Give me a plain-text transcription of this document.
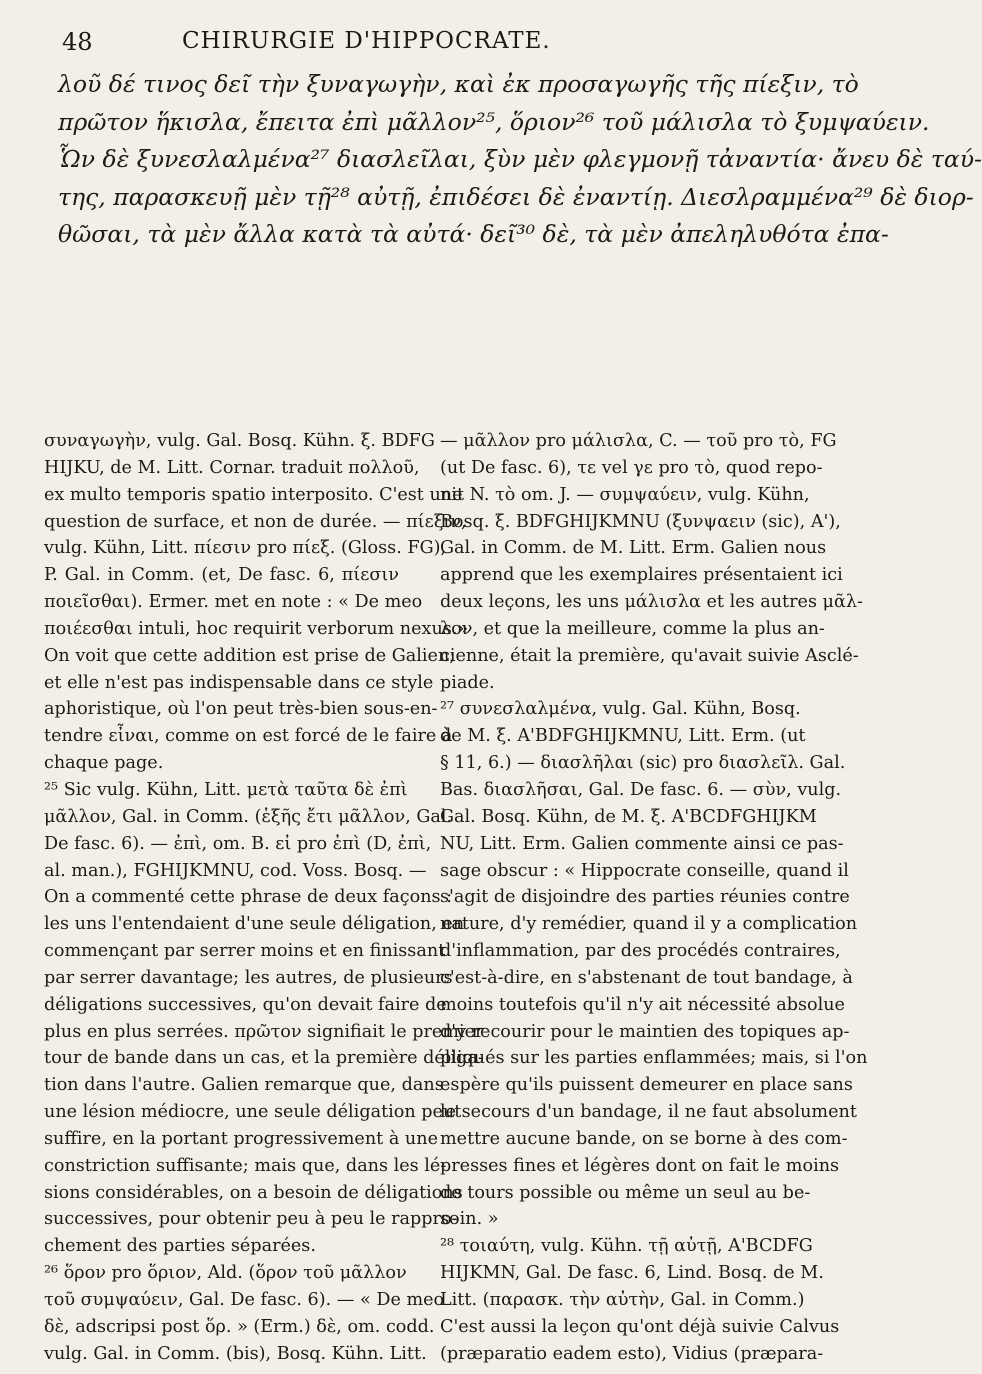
48	CHIRURGIE D'HIPPOCRATE.
λοῦ δέ τινος δεῖ τὴν ξυναγωγὴν, καὶ ἐκ προσαγωγῆς τῆς πίεξιν, τὸ
πρῶτον ἥκισλα, ἔπειτα ἐπὶ μᾶλλον²⁵, ὅριον²⁶ τοῦ μάλισλα τὸ ξυμψαύειν.
Ὧν δὲ ξυνεσλαλμένα²⁷ διασλεῖλαι, ξὺν μὲν φλεγμονῇ τἀναντία· ἄνευ δὲ ταύ-
της, παρασκευῇ μὲν τῇ²⁸ αὐτῇ, ἐπιδέσει δὲ ἐναντίῃ. Διεσλραμμένα²⁹ δὲ διορ-
θῶσαι, τὰ μὲν ἄλλα κατὰ τὰ αὐτά· δεῖ³⁰ δὲ, τὰ μὲν ἀπεληλυθότα ἐπα-
συναγωγὴν, vulg. Gal. Bosq. Kühn. ξ. BDFG
HIJKU, de M. Litt. Cornar. traduit πολλοῦ,
ex multo temporis spatio interposito. C'est une
question de surface, et non de durée. — πίεξιν,
vulg. Kühn, Litt. πίεσιν pro πίεξ. (Gloss. FG),
P. Gal. in Comm. (et, De fasc. 6, πίεσιν
ποιεῖσθαι). Ermer. met en note : « De meo
ποιέεσθαι intuli, hoc requirit verborum nexus.»
On voit que cette addition est prise de Galien;
et elle n'est pas indispensable dans ce style
aphoristique, où l'on peut très-bien sous-en-
tendre εἶναι, comme on est forcé de le faire à
chaque page.
²⁵ Sic vulg. Kühn, Litt. μετὰ ταῦτα δὲ ἐπὶ
μᾶλλον, Gal. in Comm. (ἑξῆς ἔτι μᾶλλον, Gal.
De fasc. 6). — ἐπὶ, om. B. εἰ pro ἐπὶ (D, ἐπὶ,
al. man.), FGHIJKMNU, cod. Voss. Bosq. —
On a commenté cette phrase de deux façons :
les uns l'entendaient d'une seule déligation, en
commençant par serrer moins et en finissant
par serrer davantage; les autres, de plusieurs
déligations successives, qu'on devait faire de
plus en plus serrées. πρῶτον signifiait le premier
tour de bande dans un cas, et la première déliga-
tion dans l'autre. Galien remarque que, dans
une lésion médiocre, une seule déligation peut
suffire, en la portant progressivement à une
constriction suffisante; mais que, dans les lé-
sions considérables, on a besoin de déligations
successives, pour obtenir peu à peu le rappro-
chement des parties séparées.
²⁶ ὅρον pro ὅριον, Ald. (ὅρον τοῦ μᾶλλον
τοῦ συμψαύειν, Gal. De fasc. 6). — « De meo
δὲ, adscripsi post ὅρ. » (Erm.) δὲ, om. codd.
vulg. Gal. in Comm. (bis), Bosq. Kühn. Litt.
— μᾶλλον pro μάλισλα, C. — τοῦ pro τὸ, FG
(ut De fasc. 6), τε vel γε pro τὸ, quod repo-
nit N. τὸ om. J. — συμψαύειν, vulg. Kühn,
Bosq. ξ. BDFGHIJKMNU (ξυνψαειν (sic), A'),
Gal. in Comm. de M. Litt. Erm. Galien nous
apprend que les exemplaires présentaient ici
deux leçons, les uns μάλισλα et les autres μᾶλ-
λον, et que la meilleure, comme la plus an-
cienne, était la première, qu'avait suivie Asclé-
piade.
²⁷ συνεσλαλμένα, vulg. Gal. Kühn, Bosq.
de M. ξ. A'BDFGHIJKMNU, Litt. Erm. (ut
§ 11, 6.) — διασλῆλαι (sic) pro διασλεῖλ. Gal.
Bas. διασλῆσαι, Gal. De fasc. 6. — σὺν, vulg.
Gal. Bosq. Kühn, de M. ξ. A'BCDFGHIJKM
NU, Litt. Erm. Galien commente ainsi ce pas-
sage obscur : « Hippocrate conseille, quand il
s'agit de disjoindre des parties réunies contre
nature, d'y remédier, quand il y a complication
d'inflammation, par des procédés contraires,
c'est-à-dire, en s'abstenant de tout bandage, à
moins toutefois qu'il n'y ait nécessité absolue
d'y recourir pour le maintien des topiques ap-
pliqués sur les parties enflammées; mais, si l'on
espère qu'ils puissent demeurer en place sans
le secours d'un bandage, il ne faut absolument
mettre aucune bande, on se borne à des com-
presses fines et légères dont on fait le moins
de tours possible ou même un seul au be-
soin. »
²⁸ τοιαύτη, vulg. Kühn. τῇ αὐτῇ, A'BCDFG
HIJKMN, Gal. De fasc. 6, Lind. Bosq. de M.
Litt. (παρασκ. τὴν αὐτὴν, Gal. in Comm.)
C'est aussi la leçon qu'ont déjà suivie Calvus
(præparatio eadem esto), Vidius (præpara-
